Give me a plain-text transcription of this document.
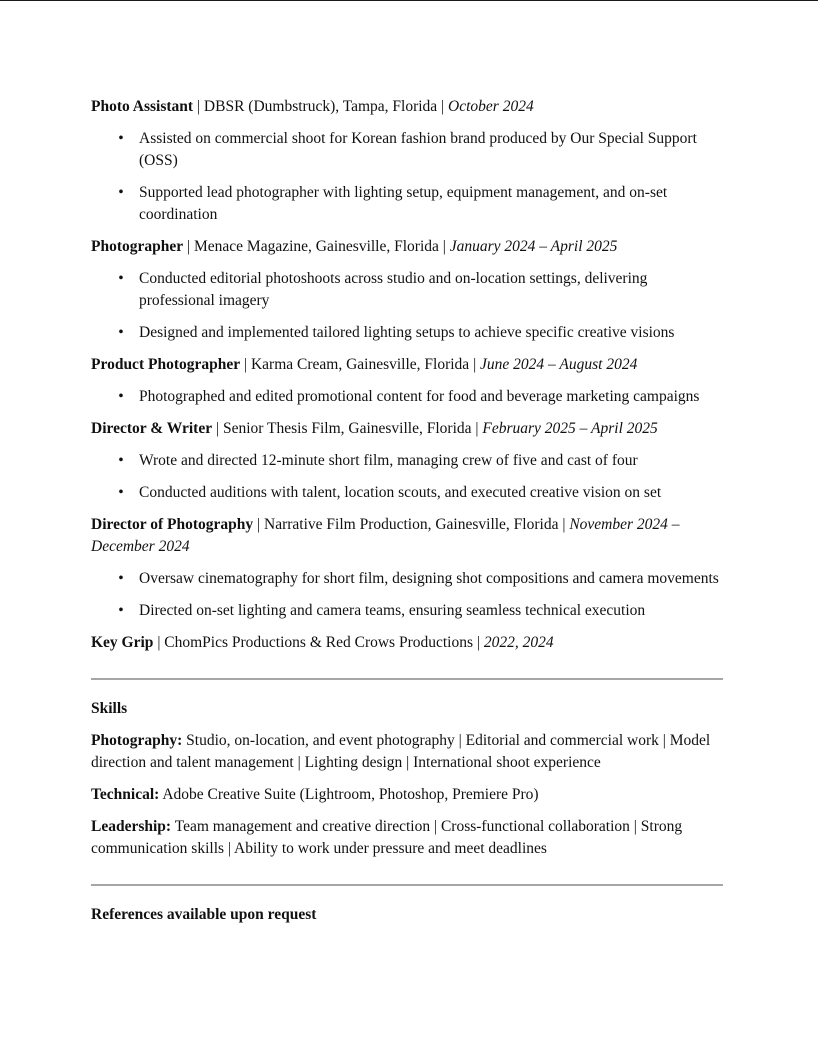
Photo Assistant | DBSR (Dumbstruck), Tampa, Florida | October 2024

• Assisted on commercial shoot for Korean fashion brand produced by Our Special Support (OSS)
• Supported lead photographer with lighting setup, equipment management, and on-set coordination

Photographer | Menace Magazine, Gainesville, Florida | January 2024 – April 2025

• Conducted editorial photoshoots across studio and on-location settings, delivering professional imagery
• Designed and implemented tailored lighting setups to achieve specific creative visions

Product Photographer | Karma Cream, Gainesville, Florida | June 2024 – August 2024

• Photographed and edited promotional content for food and beverage marketing campaigns

Director & Writer | Senior Thesis Film, Gainesville, Florida | February 2025 – April 2025

• Wrote and directed 12-minute short film, managing crew of five and cast of four
• Conducted auditions with talent, location scouts, and executed creative vision on set

Director of Photography | Narrative Film Production, Gainesville, Florida | November 2024 – December 2024

• Oversaw cinematography for short film, designing shot compositions and camera movements
• Directed on-set lighting and camera teams, ensuring seamless technical execution

Key Grip | ChomPics Productions & Red Crows Productions | 2022, 2024

Skills

Photography: Studio, on-location, and event photography | Editorial and commercial work | Model direction and talent management | Lighting design | International shoot experience

Technical: Adobe Creative Suite (Lightroom, Photoshop, Premiere Pro)

Leadership: Team management and creative direction | Cross-functional collaboration | Strong communication skills | Ability to work under pressure and meet deadlines

References available upon request
